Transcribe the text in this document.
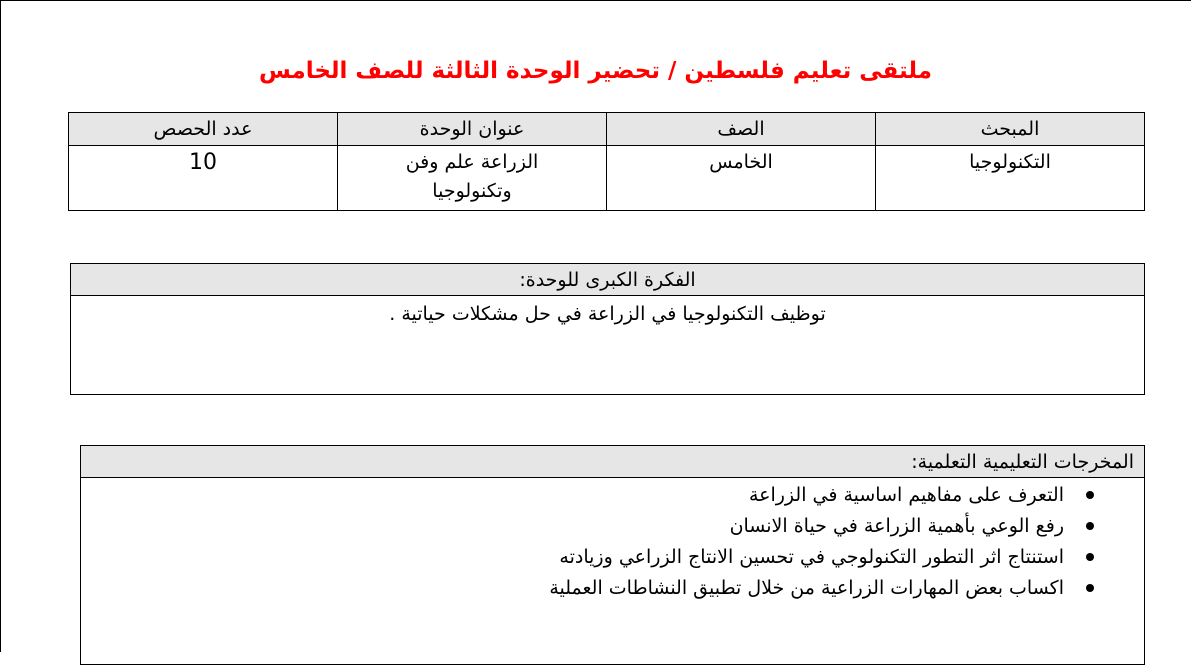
ملتقى تعليم فلسطين / تحضير الوحدة الثالثة للصف الخامس
المبحث	الصف	عنوان الوحدة	عدد الحصص
التكنولوجيا	الخامس	الزراعة علم وفن وتكنولوجيا	10
الفكرة الكبرى للوحدة:
توظيف التكنولوجيا في الزراعة في حل مشكلات حياتية .
المخرجات التعليمية التعلمية:
التعرف على مفاهيم اساسية في الزراعة
رفع الوعي بأهمية الزراعة في حياة الانسان
استنتاج اثر التطور التكنولوجي في تحسين الانتاج الزراعي وزيادته
اكساب بعض المهارات الزراعية من خلال تطبيق النشاطات العملية
